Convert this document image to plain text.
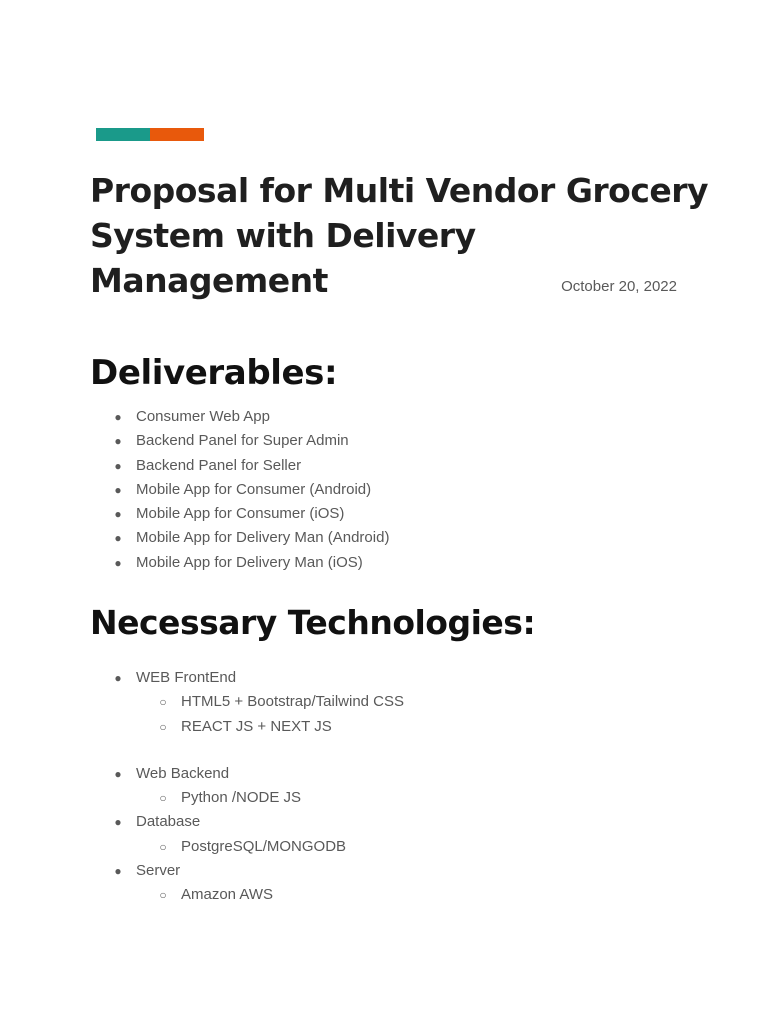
Proposal for Multi Vendor Grocery System with Delivery Management	October 20, 2022
Deliverables:
● Consumer Web App
● Backend Panel for Super Admin
● Backend Panel for Seller
● Mobile App for Consumer (Android)
● Mobile App for Consumer (iOS)
● Mobile App for Delivery Man (Android)
● Mobile App for Delivery Man (iOS)
Necessary Technologies:
● WEB FrontEnd
○ HTML5 + Bootstrap/Tailwind CSS
○ REACT JS + NEXT JS
● Web Backend
○ Python /NODE JS
● Database
○ PostgreSQL/MONGODB
● Server
○ Amazon AWS
